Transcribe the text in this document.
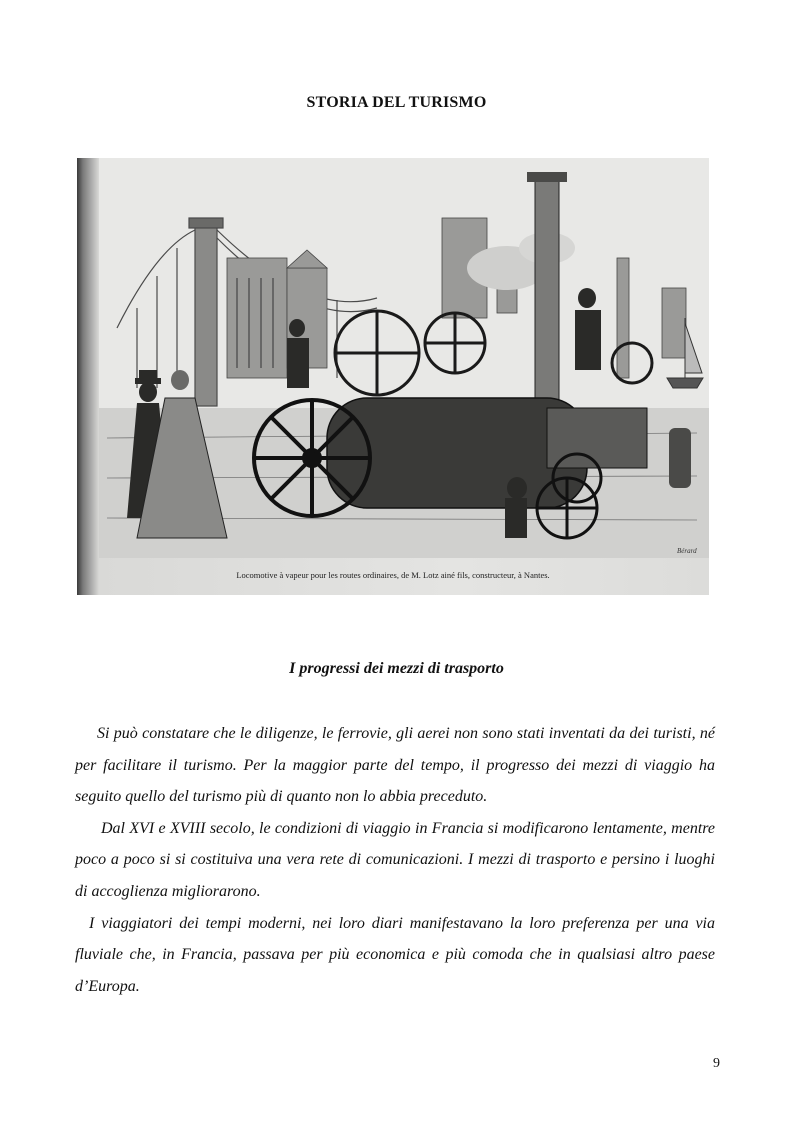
STORIA DEL TURISMO
Bérard
Locomotive à vapeur pour les routes ordinaires, de M. Lotz ainé fils, constructeur, à Nantes.
I progressi dei mezzi di trasporto

Si può constatare che le diligenze, le ferrovie, gli aerei non sono stati inventati da dei turisti, né per facilitare il turismo. Per la maggior parte del tempo, il progresso dei mezzi di viaggio ha seguito quello del turismo più di quanto non lo abbia preceduto.

Dal XVI e XVIII secolo, le condizioni di viaggio in Francia si modificarono lentamente, mentre poco a poco si si costituiva una vera rete di comunicazioni. I mezzi di trasporto e persino i luoghi di accoglienza migliorarono.

I viaggiatori dei tempi moderni, nei loro diari manifestavano la loro preferenza per una via fluviale che, in Francia, passava per più economica e più comoda che in qualsiasi altro paese d’Europa.

9
